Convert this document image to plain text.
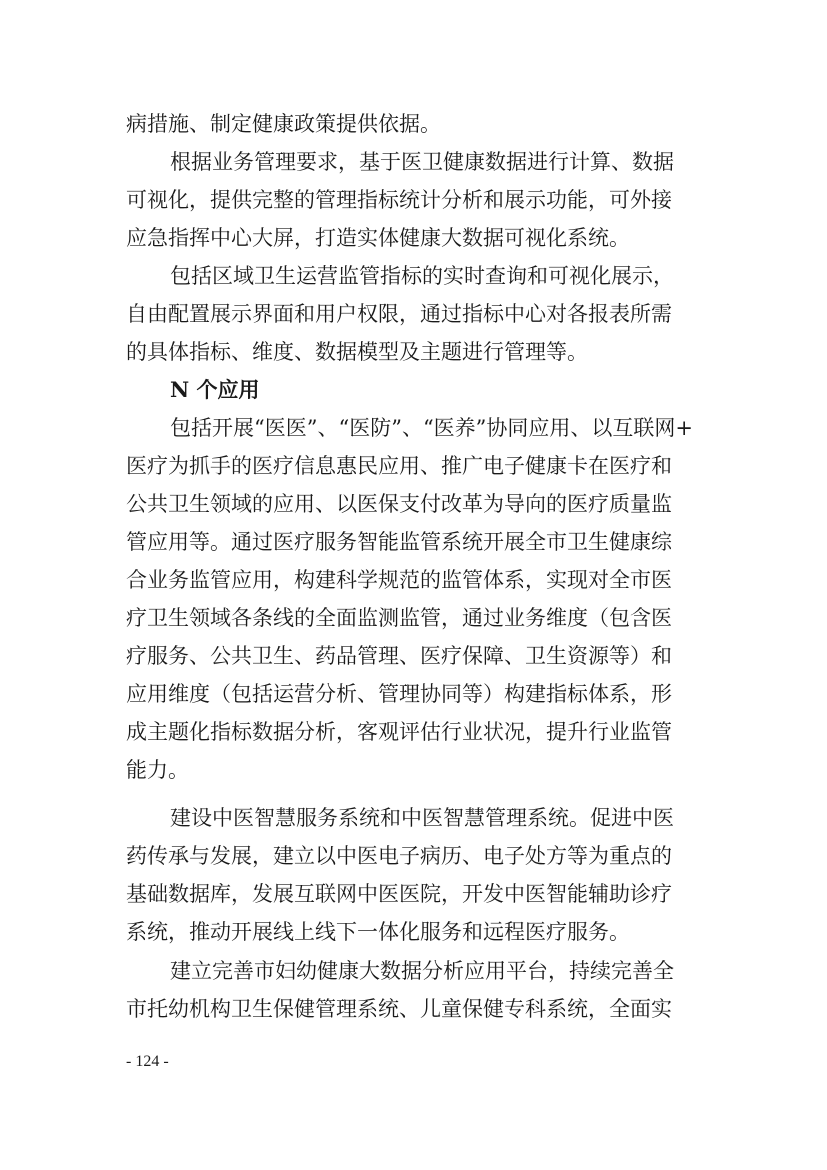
病措施、制定健康政策提供依据。
根据业务管理要求，基于医卫健康数据进行计算、数据
可视化，提供完整的管理指标统计分析和展示功能，可外接
应急指挥中心大屏，打造实体健康大数据可视化系统。
包括区域卫生运营监管指标的实时查询和可视化展示，
自由配置展示界面和用户权限，通过指标中心对各报表所需
的具体指标、维度、数据模型及主题进行管理等。
N 个应用
包括开展“医医”、“医防”、“医养”协同应用、以互联网+
医疗为抓手的医疗信息惠民应用、推广电子健康卡在医疗和
公共卫生领域的应用、以医保支付改革为导向的医疗质量监
管应用等。通过医疗服务智能监管系统开展全市卫生健康综
合业务监管应用，构建科学规范的监管体系，实现对全市医
疗卫生领域各条线的全面监测监管，通过业务维度（包含医
疗服务、公共卫生、药品管理、医疗保障、卫生资源等）和
应用维度（包括运营分析、管理协同等）构建指标体系，形
成主题化指标数据分析，客观评估行业状况，提升行业监管
能力。
建设中医智慧服务系统和中医智慧管理系统。促进中医
药传承与发展，建立以中医电子病历、电子处方等为重点的
基础数据库，发展互联网中医医院，开发中医智能辅助诊疗
系统，推动开展线上线下一体化服务和远程医疗服务。
建立完善市妇幼健康大数据分析应用平台，持续完善全
市托幼机构卫生保健管理系统、儿童保健专科系统，全面实
- 124 -
